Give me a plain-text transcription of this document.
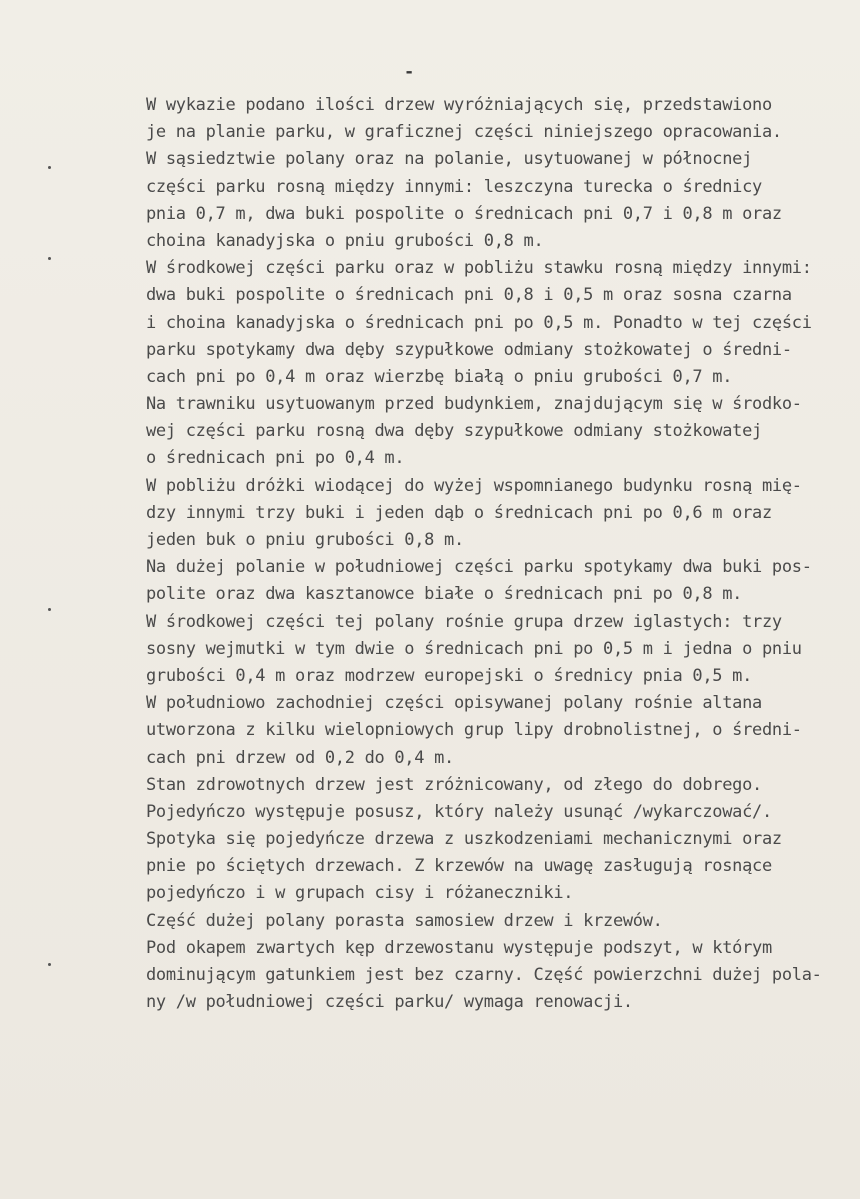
-
W wykazie podano ilości drzew wyróżniających się, przedstawiono
je na planie parku, w graficznej części niniejszego opracowania.
W sąsiedztwie polany oraz na polanie, usytuowanej w północnej
części parku rosną między innymi: leszczyna turecka o średnicy
pnia 0,7 m, dwa buki pospolite o średnicach pni 0,7 i 0,8 m oraz
choina kanadyjska o pniu grubości 0,8 m.
W środkowej części parku oraz w pobliżu stawku rosną między innymi:
dwa buki pospolite o średnicach pni 0,8 i 0,5 m oraz sosna czarna
i choina kanadyjska o średnicach pni po 0,5 m. Ponadto w tej części
parku spotykamy dwa dęby szypułkowe odmiany stożkowatej o średni-
cach pni po 0,4 m oraz wierzbę białą o pniu grubości 0,7 m.
Na trawniku usytuowanym przed budynkiem, znajdującym się w środko-
wej części parku rosną dwa dęby szypułkowe odmiany stożkowatej
o średnicach pni po 0,4 m.
W pobliżu dróżki wiodącej do wyżej wspomnianego budynku rosną mię-
dzy innymi trzy buki i jeden dąb o średnicach pni po 0,6 m oraz
jeden buk o pniu grubości 0,8 m.
Na dużej polanie w południowej części parku spotykamy dwa buki pos-
polite oraz dwa kasztanowce białe o średnicach pni po 0,8 m.
W środkowej części tej polany rośnie grupa drzew iglastych: trzy
sosny wejmutki w tym dwie o średnicach pni po 0,5 m i jedna o pniu
grubości 0,4 m oraz modrzew europejski o średnicy pnia 0,5 m.
W południowo zachodniej części opisywanej polany rośnie altana
utworzona z kilku wielopniowych grup lipy drobnolistnej, o średni-
cach pni drzew od 0,2 do 0,4 m.
Stan zdrowotnych drzew jest zróżnicowany, od złego do dobrego.
Pojedyńczo występuje posusz, który należy usunąć /wykarczować/.
Spotyka się pojedyńcze drzewa z uszkodzeniami mechanicznymi oraz
pnie po ściętych drzewach. Z krzewów na uwagę zasługują rosnące
pojedyńczo i w grupach cisy i różaneczniki.
Część dużej polany porasta samosiew drzew i krzewów.
Pod okapem zwartych kęp drzewostanu występuje podszyt, w którym
dominującym gatunkiem jest bez czarny. Część powierzchni dużej pola-
ny /w południowej części parku/ wymaga renowacji.
